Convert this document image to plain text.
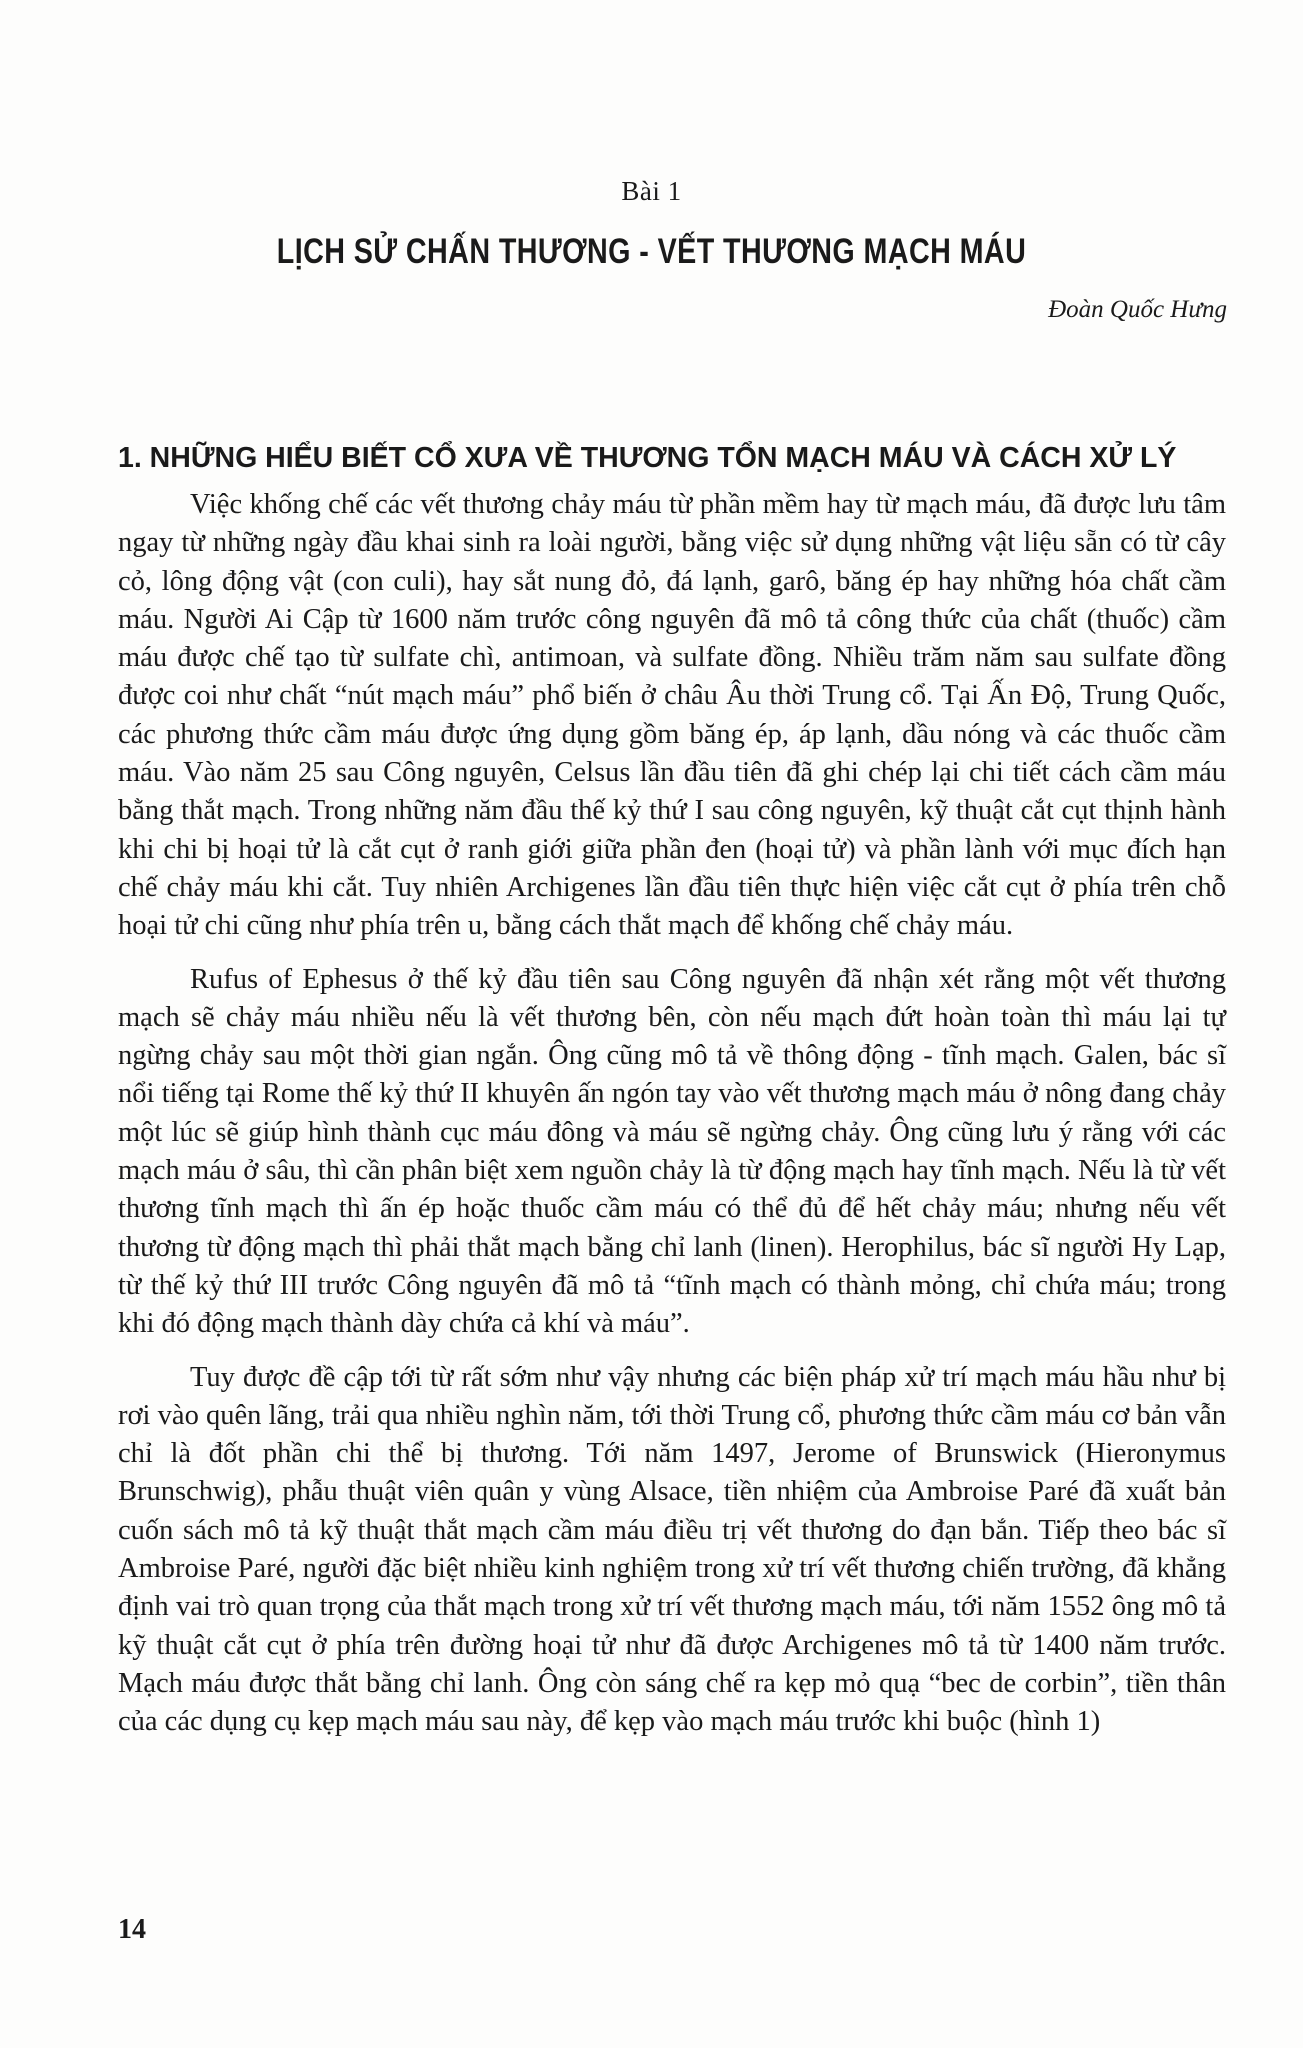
Bài 1
LỊCH SỬ CHẤN THƯƠNG - VẾT THƯƠNG MẠCH MÁU
Đoàn Quốc Hưng
1. NHỮNG HIỂU BIẾT CỔ XƯA VỀ THƯƠNG TỔN MẠCH MÁU VÀ CÁCH XỬ LÝ

Việc khống chế các vết thương chảy máu từ phần mềm hay từ mạch máu, đã được lưu tâm ngay từ những ngày đầu khai sinh ra loài người, bằng việc sử dụng những vật liệu sẵn có từ cây cỏ, lông động vật (con culi), hay sắt nung đỏ, đá lạnh, garô, băng ép hay những hóa chất cầm máu. Người Ai Cập từ 1600 năm trước công nguyên đã mô tả công thức của chất (thuốc) cầm máu được chế tạo từ sulfate chì, antimoan, và sulfate đồng. Nhiều trăm năm sau sulfate đồng được coi như chất “nút mạch máu” phổ biến ở châu Âu thời Trung cổ. Tại Ấn Độ, Trung Quốc, các phương thức cầm máu được ứng dụng gồm băng ép, áp lạnh, dầu nóng và các thuốc cầm máu. Vào năm 25 sau Công nguyên, Celsus lần đầu tiên đã ghi chép lại chi tiết cách cầm máu bằng thắt mạch. Trong những năm đầu thế kỷ thứ I sau công nguyên, kỹ thuật cắt cụt thịnh hành khi chi bị hoại tử là cắt cụt ở ranh giới giữa phần đen (hoại tử) và phần lành với mục đích hạn chế chảy máu khi cắt. Tuy nhiên Archigenes lần đầu tiên thực hiện việc cắt cụt ở phía trên chỗ hoại tử chi cũng như phía trên u, bằng cách thắt mạch để khống chế chảy máu.

Rufus of Ephesus ở thế kỷ đầu tiên sau Công nguyên đã nhận xét rằng một vết thương mạch sẽ chảy máu nhiều nếu là vết thương bên, còn nếu mạch đứt hoàn toàn thì máu lại tự ngừng chảy sau một thời gian ngắn. Ông cũng mô tả về thông động - tĩnh mạch. Galen, bác sĩ nổi tiếng tại Rome thế kỷ thứ II khuyên ấn ngón tay vào vết thương mạch máu ở nông đang chảy một lúc sẽ giúp hình thành cục máu đông và máu sẽ ngừng chảy. Ông cũng lưu ý rằng với các mạch máu ở sâu, thì cần phân biệt xem nguồn chảy là từ động mạch hay tĩnh mạch. Nếu là từ vết thương tĩnh mạch thì ấn ép hoặc thuốc cầm máu có thể đủ để hết chảy máu; nhưng nếu vết thương từ động mạch thì phải thắt mạch bằng chỉ lanh (linen). Herophilus, bác sĩ người Hy Lạp, từ thế kỷ thứ III trước Công nguyên đã mô tả “tĩnh mạch có thành mỏng, chỉ chứa máu; trong khi đó động mạch thành dày chứa cả khí và máu”.

Tuy được đề cập tới từ rất sớm như vậy nhưng các biện pháp xử trí mạch máu hầu như bị rơi vào quên lãng, trải qua nhiều nghìn năm, tới thời Trung cổ, phương thức cầm máu cơ bản vẫn chỉ là đốt phần chi thể bị thương. Tới năm 1497, Jerome of Brunswick (Hieronymus Brunschwig), phẫu thuật viên quân y vùng Alsace, tiền nhiệm của Ambroise Paré đã xuất bản cuốn sách mô tả kỹ thuật thắt mạch cầm máu điều trị vết thương do đạn bắn. Tiếp theo bác sĩ Ambroise Paré, người đặc biệt nhiều kinh nghiệm trong xử trí vết thương chiến trường, đã khẳng định vai trò quan trọng của thắt mạch trong xử trí vết thương mạch máu, tới năm 1552 ông mô tả kỹ thuật cắt cụt ở phía trên đường hoại tử như đã được Archigenes mô tả từ 1400 năm trước. Mạch máu được thắt bằng chỉ lanh. Ông còn sáng chế ra kẹp mỏ quạ “bec de corbin”, tiền thân của các dụng cụ kẹp mạch máu sau này, để kẹp vào mạch máu trước khi buộc (hình 1)

14
